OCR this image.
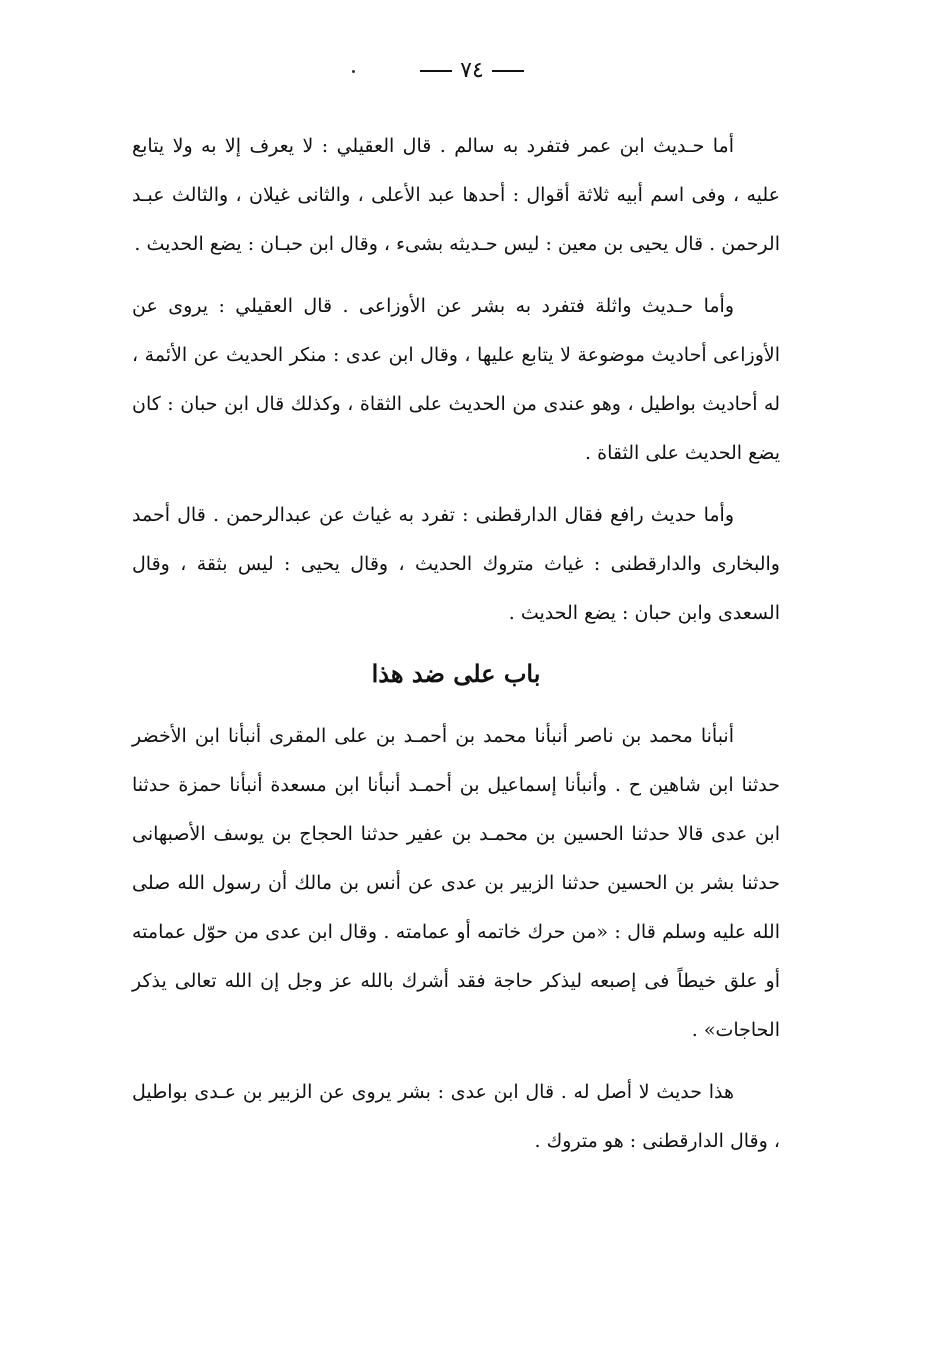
٧٤

أما حـديث ابن عمر فتفرد به سالم . قال العقيلي : لا يعرف إلا به ولا يتابع عليه ، وفى اسم أبيه ثلاثة أقوال : أحدها عبد الأعلى ، والثانى غيلان ، والثالث عبـد الرحمن . قال يحيى بن معين : ليس حـديثه بشىء ، وقال ابن حبـان : يضع الحديث .

وأما حـديث واثلة فتفرد به بشر عن الأوزاعى . قال العقيلي : يروى عن الأوزاعى أحاديث موضوعة لا يتابع عليها ، وقال ابن عدى : منكر الحديث عن الأئمة ، له أحاديث بواطيل ، وهو عندى من الحديث على الثقاة ، وكذلك قال ابن حبان : كان يضع الحديث على الثقاة .

وأما حديث رافع فقال الدارقطنى : تفرد به غياث عن عبدالرحمن . قال أحمد والبخارى والدارقطنى : غياث متروك الحديث ، وقال يحيى : ليس بثقة ، وقال السعدى وابن حبان : يضع الحديث .

باب على ضد هذا

أنبأنا محمد بن ناصر أنبأنا محمد بن أحمـد بن على المقرى أنبأنا ابن الأخضر حدثنا ابن شاهين ح . وأنبأنا إسماعيل بن أحمـد أنبأنا ابن مسعدة أنبأنا حمزة حدثنا ابن عدى قالا حدثنا الحسين بن محمـد بن عفير حدثنا الحجاج بن يوسف الأصبهانى حدثنا بشر بن الحسين حدثنا الزبير بن عدى عن أنس بن مالك أن رسول الله صلى الله عليه وسلم قال : «من حرك خاتمه أو عمامته . وقال ابن عدى من حوّل عمامته أو علق خيطاً فى إصبعه ليذكر حاجة فقد أشرك بالله عز وجل إن الله تعالى يذكر الحاجات» .

هذا حديث لا أصل له . قال ابن عدى : بشر يروى عن الزبير بن عـدى بواطيل ، وقال الدارقطنى : هو متروك .
